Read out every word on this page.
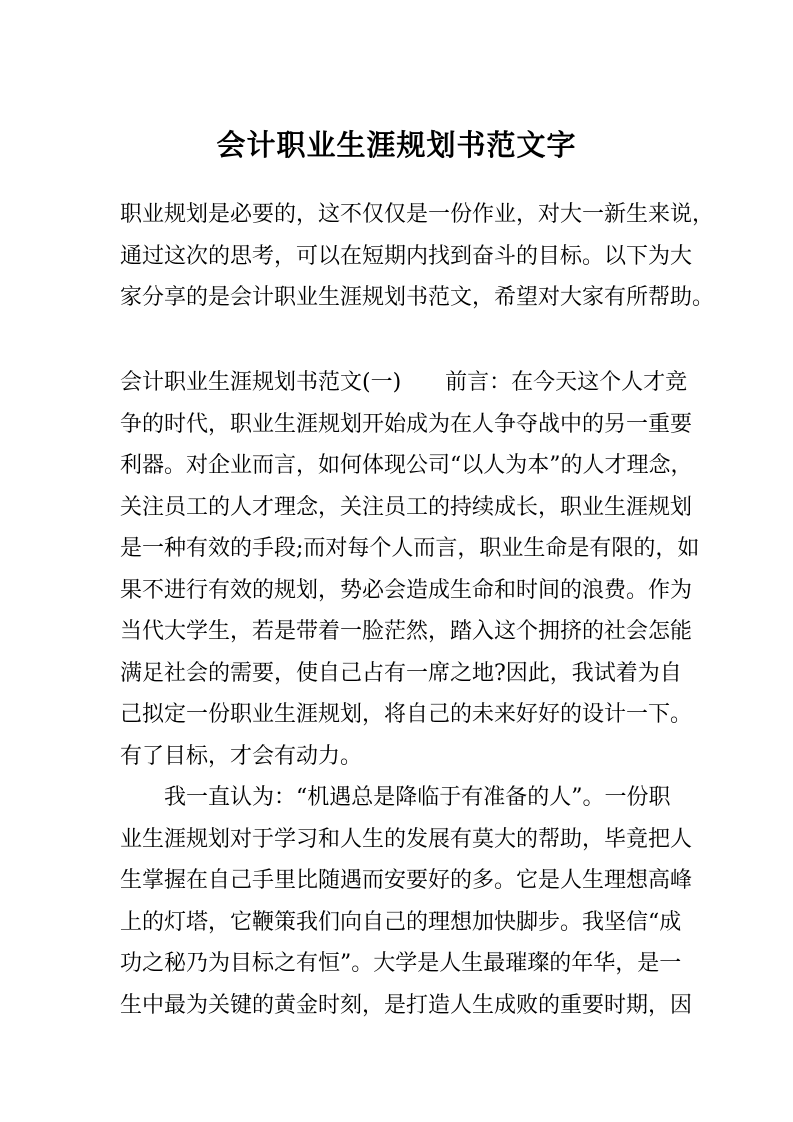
会计职业生涯规划书范文字
职业规划是必要的，这不仅仅是一份作业，对大一新生来说，
通过这次的思考，可以在短期内找到奋斗的目标。以下为大
家分享的是会计职业生涯规划书范文，希望对大家有所帮助。
会计职业生涯规划书范文(一) 前言：在今天这个人才竞
争的时代，职业生涯规划开始成为在人争夺战中的另一重要
利器。对企业而言，如何体现公司“以人为本”的人才理念，
关注员工的人才理念，关注员工的持续成长，职业生涯规划
是一种有效的手段;而对每个人而言，职业生命是有限的，如
果不进行有效的规划，势必会造成生命和时间的浪费。作为
当代大学生，若是带着一脸茫然，踏入这个拥挤的社会怎能
满足社会的需要，使自己占有一席之地?因此，我试着为自
己拟定一份职业生涯规划，将自己的未来好好的设计一下。
有了目标，才会有动力。
我一直认为：“机遇总是降临于有准备的人”。一份职
业生涯规划对于学习和人生的发展有莫大的帮助，毕竟把人
生掌握在自己手里比随遇而安要好的多。它是人生理想高峰
上的灯塔，它鞭策我们向自己的理想加快脚步。我坚信“成
功之秘乃为目标之有恒”。大学是人生最璀璨的年华，是一
生中最为关键的黄金时刻，是打造人生成败的重要时期，因
